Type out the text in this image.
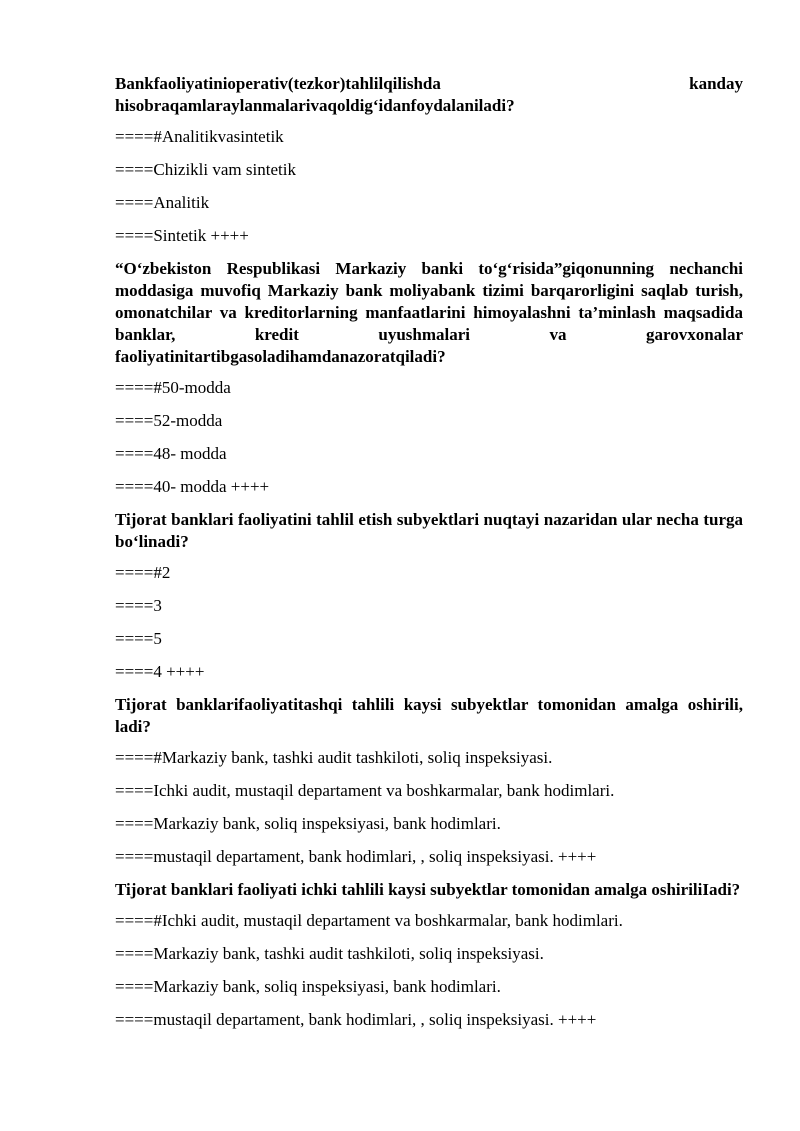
Bankfaoliyatinioperativ(tezkor)tahlilqilishda	kanday
hisobraqamlaraylanmalarivaqoldig‘idanfoydalaniladi?
====#Analitikvasintetik
====Chizikli vam sintetik
====Analitik
====Sintetik ++++
“O‘zbekiston Respublikasi Markaziy banki to‘g‘risida”giqonunning nechanchi moddasiga muvofiq Markaziy bank moliyabank tizimi barqarorligini saqlab turish, omonatchilar va kreditorlarning manfaatlarini himoyalashni ta’minlash maqsadida banklar, kredit uyushmalari va garovxonalar faoliyatinitartibgasoladihamdanazoratqiladi?
====#50-modda
====52-modda
====48- modda
====40- modda ++++
Tijorat banklari faoliyatini tahlil etish subyektlari nuqtayi nazaridan ular necha turga bo‘linadi?
====#2
====3
====5
====4 ++++
Tijorat banklarifaoliyatitashqi tahlili kaysi subyektlar tomonidan amalga oshirili, ladi?
====#Markaziy bank, tashki audit tashkiloti, soliq inspeksiyasi.
====Ichki audit, mustaqil departament va boshkarmalar, bank hodimlari.
====Markaziy bank, soliq inspeksiyasi, bank hodimlari.
====mustaqil departament, bank hodimlari, , soliq inspeksiyasi. ++++
Tijorat banklari faoliyati ichki tahlili kaysi subyektlar tomonidan amalga oshiriliIadi?
====#Ichki audit, mustaqil departament va boshkarmalar, bank hodimlari.
====Markaziy bank, tashki audit tashkiloti, soliq inspeksiyasi.
====Markaziy bank, soliq inspeksiyasi, bank hodimlari.
====mustaqil departament, bank hodimlari, , soliq inspeksiyasi. ++++
